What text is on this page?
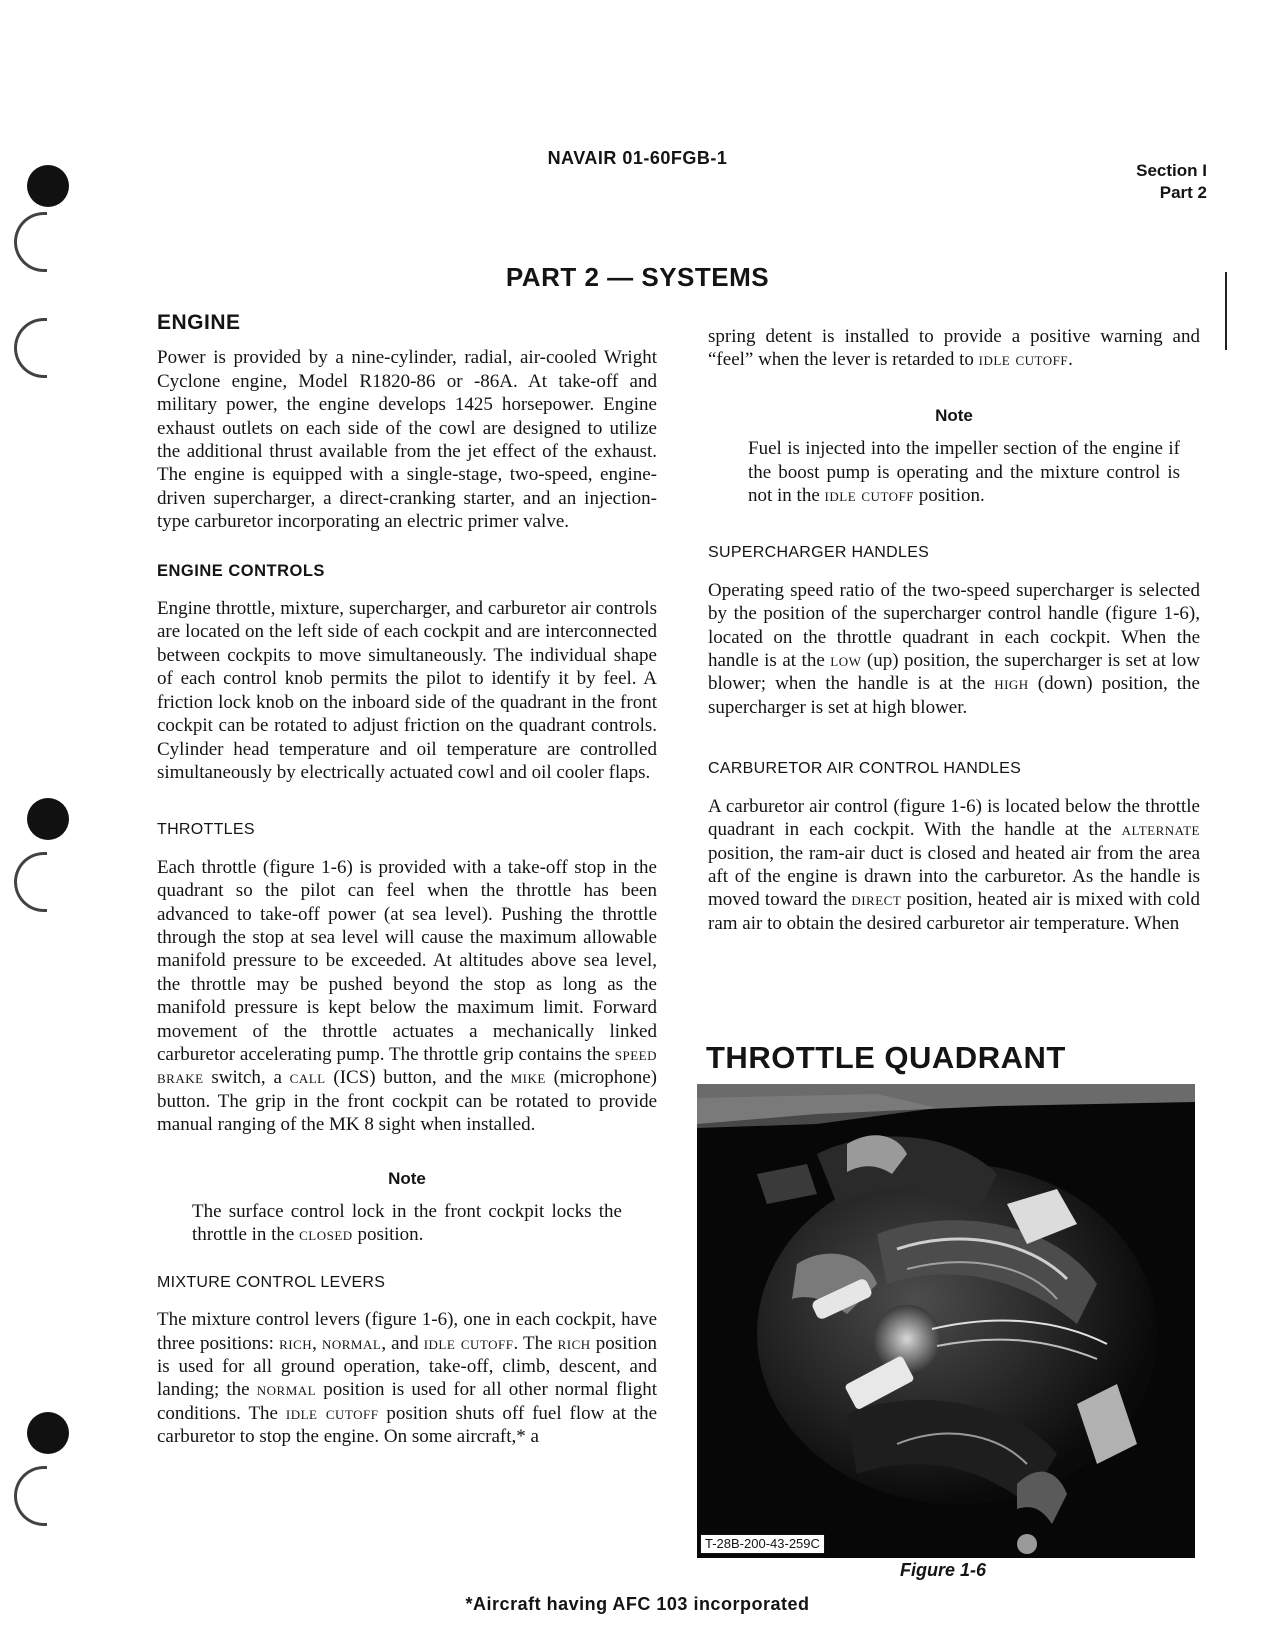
NAVAIR 01-60FGB-1
Section I
Part 2
PART 2 — SYSTEMS
ENGINE

Power is provided by a nine-cylinder, radial, air-cooled Wright Cyclone engine, Model R1820-86 or -86A. At take-off and military power, the engine develops 1425 horsepower. Engine exhaust outlets on each side of the cowl are designed to utilize the additional thrust available from the jet effect of the exhaust. The engine is equipped with a single-stage, two-speed, engine-driven supercharger, a direct-cranking starter, and an injection-type carburetor incorporating an electric primer valve.

ENGINE CONTROLS

Engine throttle, mixture, supercharger, and carburetor air controls are located on the left side of each cockpit and are interconnected between cockpits to move simultaneously. The individual shape of each control knob permits the pilot to identify it by feel. A friction lock knob on the inboard side of the quadrant in the front cockpit can be rotated to adjust friction on the quadrant controls. Cylinder head temperature and oil temperature are controlled simultaneously by electrically actuated cowl and oil cooler flaps.

THROTTLES

Each throttle (figure 1-6) is provided with a take-off stop in the quadrant so the pilot can feel when the throttle has been advanced to take-off power (at sea level). Pushing the throttle through the stop at sea level will cause the maximum allowable manifold pressure to be exceeded. At altitudes above sea level, the throttle may be pushed beyond the stop as long as the manifold pressure is kept below the maximum limit. Forward movement of the throttle actuates a mechanically linked carburetor accelerating pump. The throttle grip contains the speed brake switch, a call (ICS) button, and the mike (microphone) button. The grip in the front cockpit can be rotated to provide manual ranging of the MK 8 sight when installed.

Note

The surface control lock in the front cockpit locks the throttle in the closed position.

MIXTURE CONTROL LEVERS

The mixture control levers (figure 1-6), one in each cockpit, have three positions: rich, normal, and idle cutoff. The rich position is used for all ground operation, take-off, climb, descent, and landing; the normal position is used for all other normal flight conditions. The idle cutoff position shuts off fuel flow at the carburetor to stop the engine. On some aircraft,* a

spring detent is installed to provide a positive warning and “feel” when the lever is retarded to idle cutoff.

Note

Fuel is injected into the impeller section of the engine if the boost pump is operating and the mixture control is not in the idle cutoff position.

SUPERCHARGER HANDLES

Operating speed ratio of the two-speed supercharger is selected by the position of the supercharger control handle (figure 1-6), located on the throttle quadrant in each cockpit. When the handle is at the low (up) position, the supercharger is set at low blower; when the handle is at the high (down) position, the supercharger is set at high blower.

CARBURETOR AIR CONTROL HANDLES

A carburetor air control (figure 1-6) is located below the throttle quadrant in each cockpit. With the handle at the alternate position, the ram-air duct is closed and heated air from the area aft of the engine is drawn into the carburetor. As the handle is moved toward the direct position, heated air is mixed with cold ram air to obtain the desired carburetor air temperature. When

THROTTLE QUADRANT
T-28B-200-43-259C
Figure 1-6
*Aircraft having AFC 103 incorporated
